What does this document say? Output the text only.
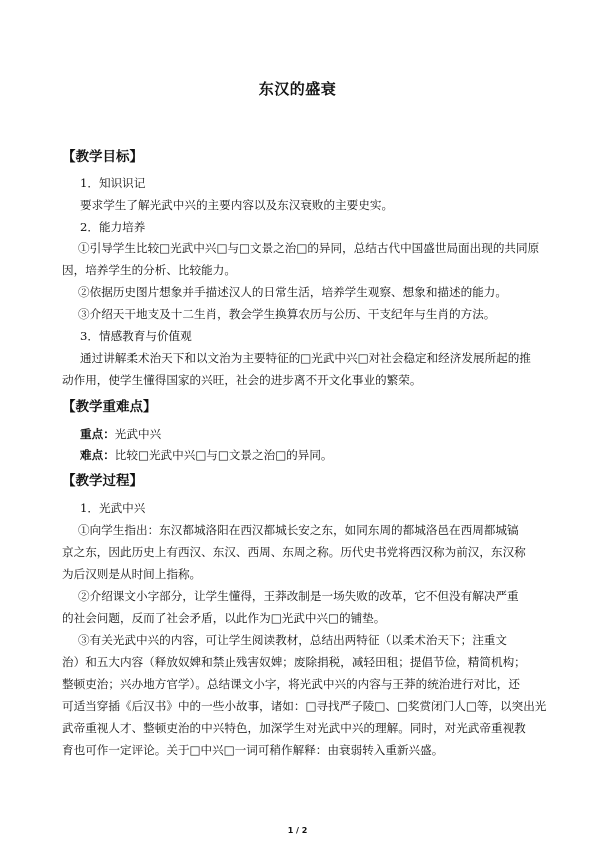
东汉的盛衰
【教学目标】
1．知识识记
要求学生了解光武中兴的主要内容以及东汉衰败的主要史实。
2．能力培养
①引导学生比较□光武中兴□与□文景之治□的异同，总结古代中国盛世局面出现的共同原
因，培养学生的分析、比较能力。
②依据历史图片想象并手描述汉人的日常生活，培养学生观察、想象和描述的能力。
③介绍天干地支及十二生肖，教会学生换算农历与公历、干支纪年与生肖的方法。
3．情感教育与价值观
通过讲解柔术治天下和以文治为主要特征的□光武中兴□对社会稳定和经济发展所起的推
动作用，使学生懂得国家的兴旺，社会的进步离不开文化事业的繁荣。
【教学重难点】
重点：光武中兴
难点：比较□光武中兴□与□文景之治□的异同。
【教学过程】
1．光武中兴
①向学生指出：东汉都城洛阳在西汉都城长安之东，如同东周的都城洛邑在西周都城镐
京之东，因此历史上有西汉、东汉、西周、东周之称。历代史书党将西汉称为前汉，东汉称
为后汉则是从时间上指称。
②介绍课文小字部分，让学生懂得，王莽改制是一场失败的改革，它不但没有解决严重
的社会问题，反而了社会矛盾，以此作为□光武中兴□的铺垫。
③有关光武中兴的内容，可让学生阅读教材，总结出两特征（以柔术治天下；注重文
治）和五大内容（释放奴婢和禁止残害奴婢；废除捐税，减轻田租；提倡节俭，精简机构；
整顿吏治；兴办地方官学）。总结课文小字，将光武中兴的内容与王莽的统治进行对比，还
可适当穿插《后汉书》中的一些小故事，诸如：□寻找严子陵□、□奖赏闭门人□等，以突出光
武帝重视人才、整顿吏治的中兴特色，加深学生对光武中兴的理解。同时，对光武帝重视教
育也可作一定评论。关于□中兴□一词可稍作解释：由衰弱转入重新兴盛。
1 / 2
